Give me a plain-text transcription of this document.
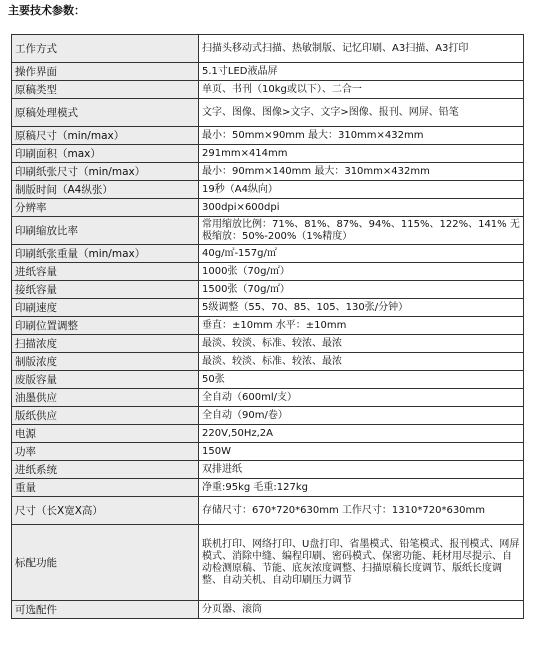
主要技术参数：
工作方式	扫描头移动式扫描、热敏制版、记忆印刷、A3扫描、A3打印
操作界面	5.1寸LED液晶屏
原稿类型	单页、书刊（10kg或以下）、二合一
原稿处理模式	文字、图像、图像>文字、文字>图像、报刊、网屏、铅笔
原稿尺寸（min/max）	最小：50mm×90mm 最大：310mm×432mm
印刷面积（max）	291mm×414mm
印刷纸张尺寸（min/max）	最小：90mm×140mm 最大：310mm×432mm
制版时间（A4纵张）	19秒（A4纵向）
分辨率	300dpi×600dpi
印刷缩放比率	常用缩放比例：71%、81%、87%、94%、115%、122%、141% 无极缩放：50%-200%（1%精度）
印刷纸张重量（min/max）	40g/㎡-157g/㎡
进纸容量	1000张（70g/㎡）
接纸容量	1500张（70g/㎡）
印刷速度	5级调整（55、70、85、105、130张/分钟）
印刷位置调整	垂直：±10mm 水平：±10mm
扫描浓度	最淡、较淡、标准、较浓、最浓
制版浓度	最淡、较淡、标准、较浓、最浓
废版容量	50张
油墨供应	全自动（600ml/支）
版纸供应	全自动（90m/卷）
电源	220V,50Hz,2A
功率	150W
进纸系统	双排进纸
重量	净重:95kg 毛重:127kg
尺寸（长X宽X高）	存储尺寸：670*720*630mm 工作尺寸：1310*720*630mm
标配功能	联机打印、网络打印、U盘打印、省墨模式、铅笔模式、报刊模式、网屏模式、消除中缝、编程印刷、密码模式、保密功能、耗材用尽提示、自动检测原稿、节能、底灰浓度调整、扫描原稿长度调节、版纸长度调整、自动关机、自动印刷压力调节
可选配件	分页器、滚筒
